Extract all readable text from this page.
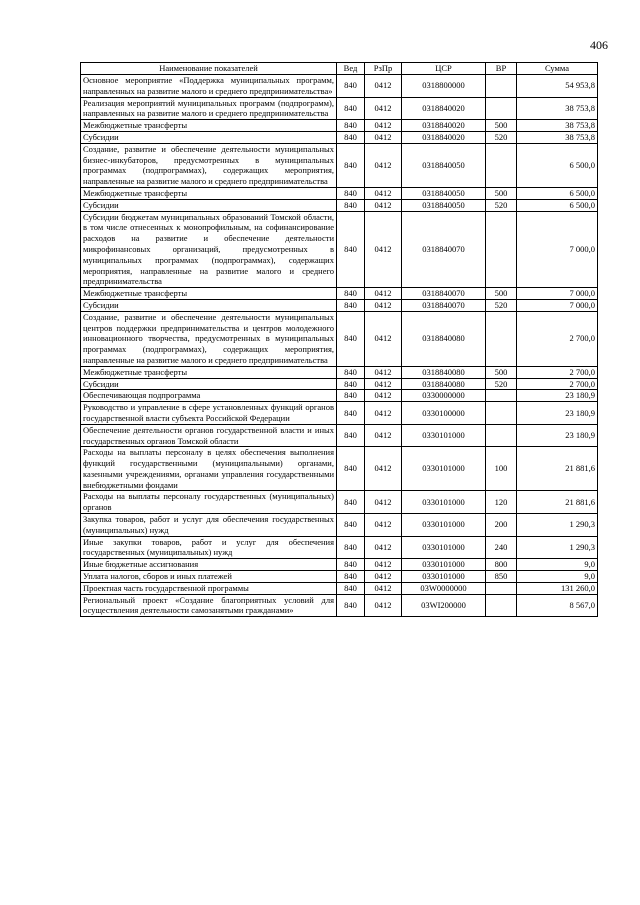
406
Наименование показателей	Вед	РзПр	ЦСР	ВР	Сумма
Основное мероприятие «Поддержка муниципальных программ, направленных на развитие малого и среднего предпринимательства»	840	0412	0318800000		54 953,8
Реализация мероприятий муниципальных программ (подпрограмм), направленных на развитие малого и среднего предпринимательства	840	0412	0318840020		38 753,8
Межбюджетные трансферты	840	0412	0318840020	500	38 753,8
Субсидии	840	0412	0318840020	520	38 753,8
Создание, развитие и обеспечение деятельности муниципальных бизнес-инкубаторов, предусмотренных в муниципальных программах (подпрограммах), содержащих мероприятия, направленные на развитие малого и среднего предпринимательства	840	0412	0318840050		6 500,0
Межбюджетные трансферты	840	0412	0318840050	500	6 500,0
Субсидии	840	0412	0318840050	520	6 500,0
Субсидии бюджетам муниципальных образований Томской области, в том числе отнесенных к монопрофильным, на софинансирование расходов на развитие и обеспечение деятельности микрофинансовых организаций, предусмотренных в муниципальных программах (подпрограммах), содержащих мероприятия, направленные на развитие малого и среднего предпринимательства	840	0412	0318840070		7 000,0
Межбюджетные трансферты	840	0412	0318840070	500	7 000,0
Субсидии	840	0412	0318840070	520	7 000,0
Создание, развитие и обеспечение деятельности муниципальных центров поддержки предпринимательства и центров молодежного инновационного творчества, предусмотренных в муниципальных программах (подпрограммах), содержащих мероприятия, направленные на развитие малого и среднего предпринимательства	840	0412	0318840080		2 700,0
Межбюджетные трансферты	840	0412	0318840080	500	2 700,0
Субсидии	840	0412	0318840080	520	2 700,0
Обеспечивающая подпрограмма	840	0412	0330000000		23 180,9
Руководство и управление в сфере установленных функций органов государственной власти субъекта Российской Федерации	840	0412	0330100000		23 180,9
Обеспечение деятельности органов государственной власти и иных государственных органов Томской области	840	0412	0330101000		23 180,9
Расходы на выплаты персоналу в целях обеспечения выполнения функций государственными (муниципальными) органами, казенными учреждениями, органами управления государственными внебюджетными фондами	840	0412	0330101000	100	21 881,6
Расходы на выплаты персоналу государственных (муниципальных) органов	840	0412	0330101000	120	21 881,6
Закупка товаров, работ и услуг для обеспечения государственных (муниципальных) нужд	840	0412	0330101000	200	1 290,3
Иные закупки товаров, работ и услуг для обеспечения государственных (муниципальных) нужд	840	0412	0330101000	240	1 290,3
Иные бюджетные ассигнования	840	0412	0330101000	800	9,0
Уплата налогов, сборов и иных платежей	840	0412	0330101000	850	9,0
Проектная часть государственной программы	840	0412	03W0000000		131 260,0
Региональный проект «Создание благоприятных условий для осуществления деятельности самозанятыми гражданами»	840	0412	03WI200000		8 567,0
